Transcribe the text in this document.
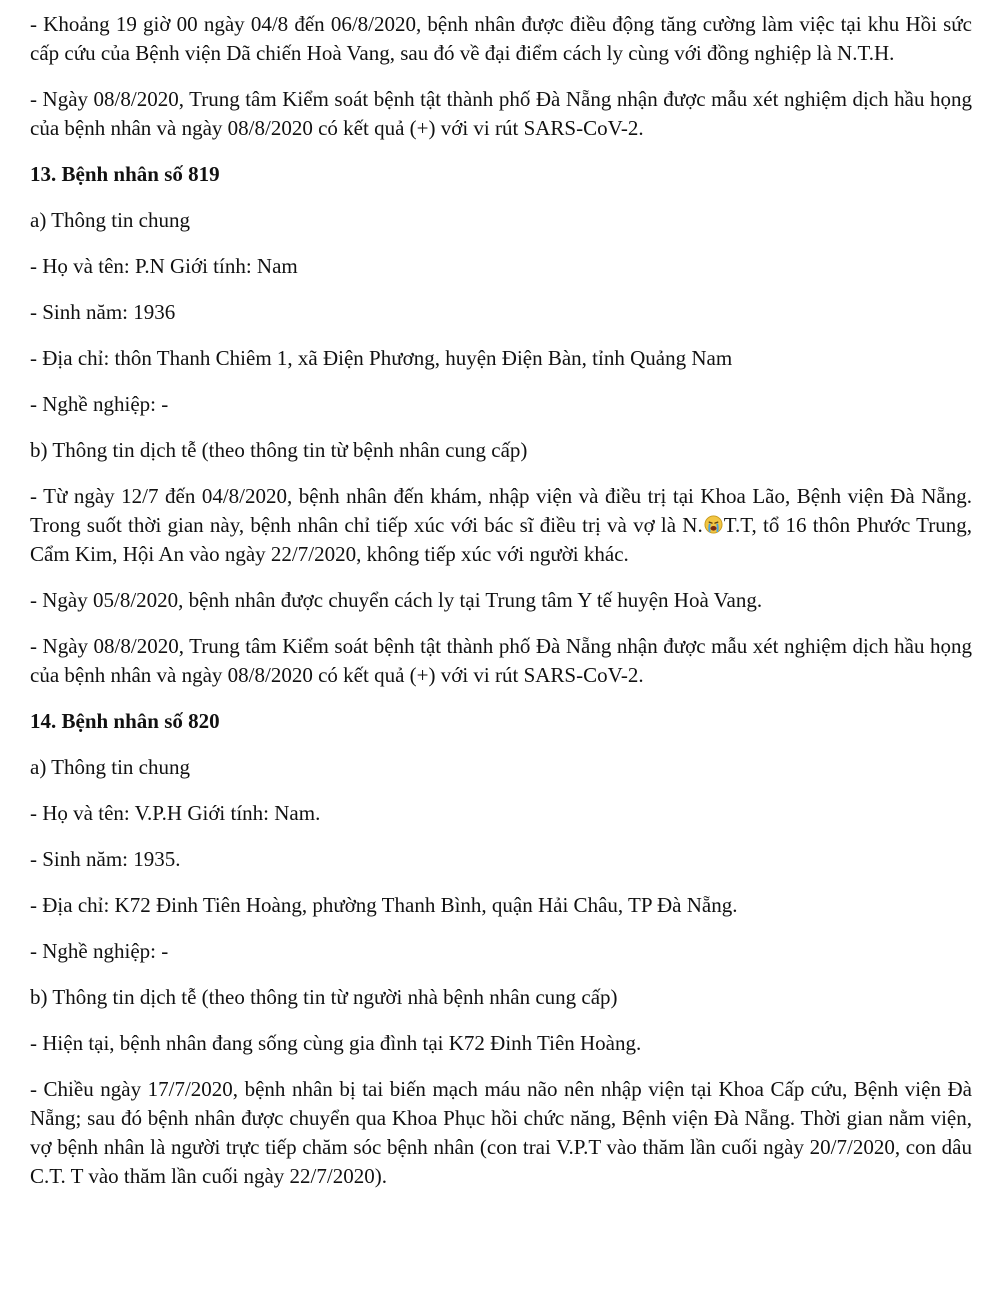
- Khoảng 19 giờ 00 ngày 04/8 đến 06/8/2020, bệnh nhân được điều động tăng cường làm việc tại khu Hồi sức cấp cứu của Bệnh viện Dã chiến Hoà Vang, sau đó về đại điểm cách ly cùng với đồng nghiệp là N.T.H.

- Ngày 08/8/2020, Trung tâm Kiểm soát bệnh tật thành phố Đà Nẵng nhận được mẫu xét nghiệm dịch hầu họng của bệnh nhân và ngày 08/8/2020 có kết quả (+) với vi rút SARS-CoV-2.

13. Bệnh nhân số 819

a) Thông tin chung

- Họ và tên: P.N Giới tính: Nam

- Sinh năm: 1936

- Địa chỉ: thôn Thanh Chiêm 1, xã Điện Phương, huyện Điện Bàn, tỉnh Quảng Nam

- Nghề nghiệp: -

b) Thông tin dịch tễ (theo thông tin từ bệnh nhân cung cấp)

- Từ ngày 12/7 đến 04/8/2020, bệnh nhân đến khám, nhập viện và điều trị tại Khoa Lão, Bệnh viện Đà Nẵng. Trong suốt thời gian này, bệnh nhân chỉ tiếp xúc với bác sĩ điều trị và vợ là N. T.T, tổ 16 thôn Phước Trung, Cẩm Kim, Hội An vào ngày 22/7/2020, không tiếp xúc với người khác.

- Ngày 05/8/2020, bệnh nhân được chuyển cách ly tại Trung tâm Y tế huyện Hoà Vang.

- Ngày 08/8/2020, Trung tâm Kiểm soát bệnh tật thành phố Đà Nẵng nhận được mẫu xét nghiệm dịch hầu họng của bệnh nhân và ngày 08/8/2020 có kết quả (+) với vi rút SARS-CoV-2.

14. Bệnh nhân số 820

a) Thông tin chung

- Họ và tên: V.P.H Giới tính: Nam.

- Sinh năm: 1935.

- Địa chỉ: K72 Đinh Tiên Hoàng, phường Thanh Bình, quận Hải Châu, TP Đà Nẵng.

- Nghề nghiệp: -

b) Thông tin dịch tễ (theo thông tin từ người nhà bệnh nhân cung cấp)

- Hiện tại, bệnh nhân đang sống cùng gia đình tại K72 Đinh Tiên Hoàng.

- Chiều ngày 17/7/2020, bệnh nhân bị tai biến mạch máu não nên nhập viện tại Khoa Cấp cứu, Bệnh viện Đà Nẵng; sau đó bệnh nhân được chuyển qua Khoa Phục hồi chức năng, Bệnh viện Đà Nẵng. Thời gian nằm viện, vợ bệnh nhân là người trực tiếp chăm sóc bệnh nhân (con trai V.P.T vào thăm lần cuối ngày 20/7/2020, con dâu C.T. T vào thăm lần cuối ngày 22/7/2020).
